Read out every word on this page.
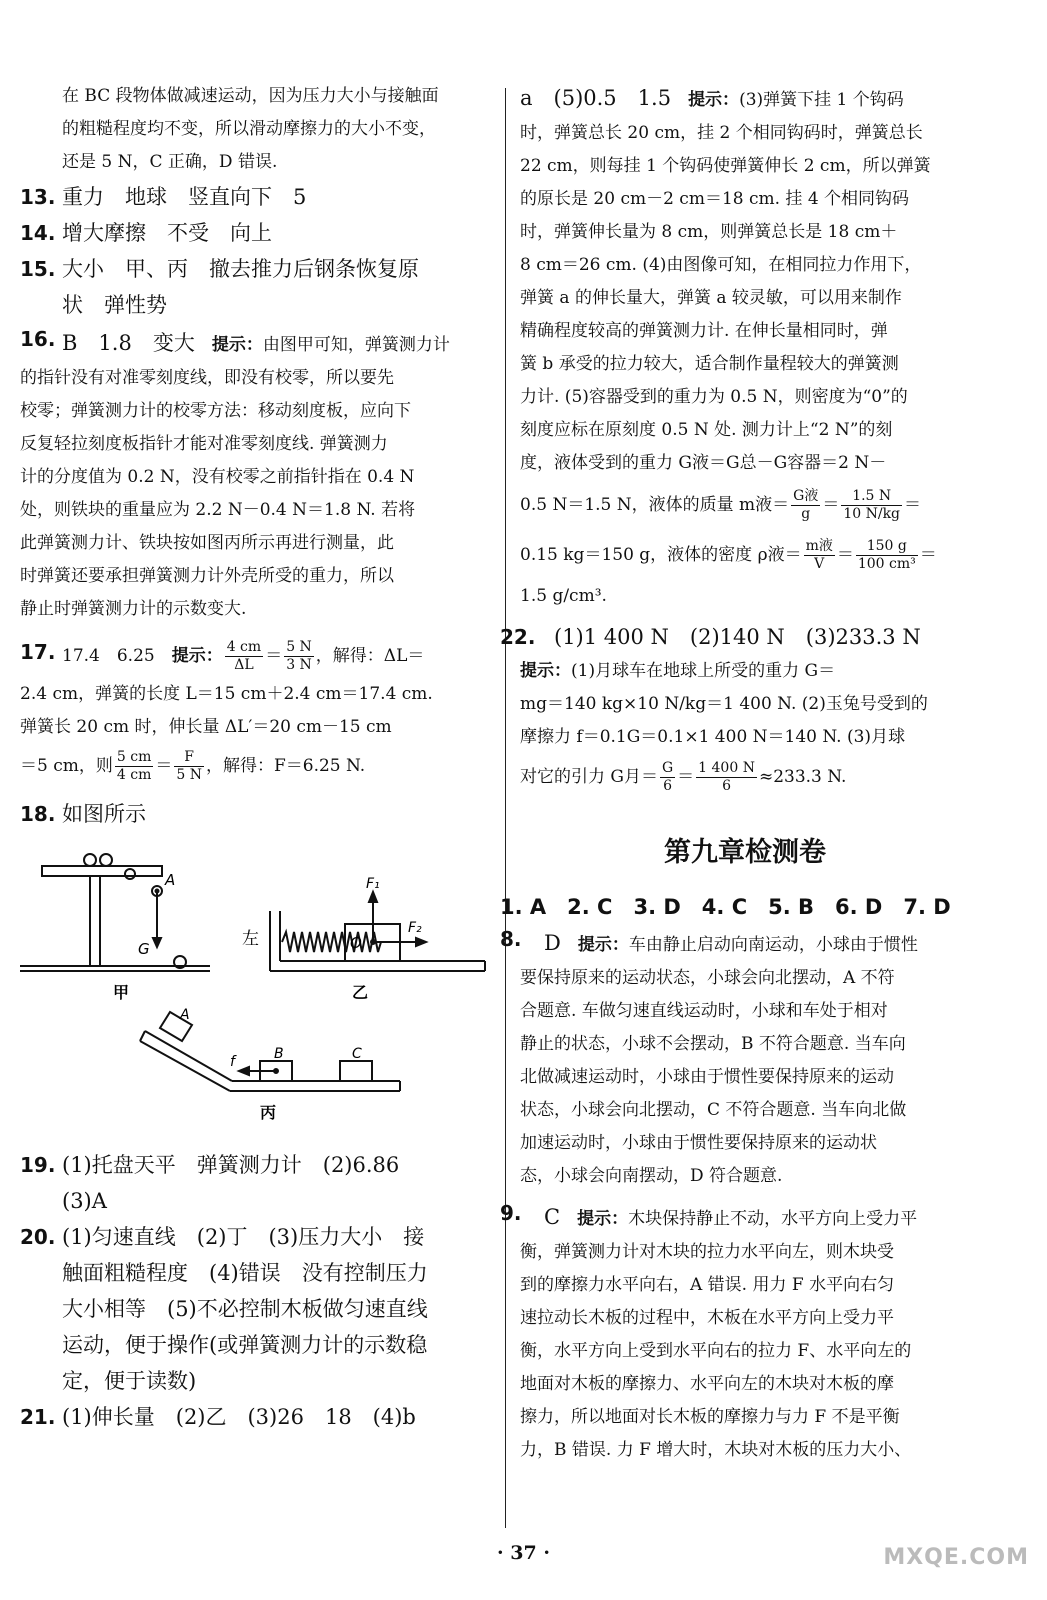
在 BC 段物体做减速运动，因为压力大小与接触面

的粗糙程度均不变，所以滑动摩擦力的大小不变，

还是 5 N，C 正确，D 错误.

13. 重力　地球　竖直向下　5
14. 增大摩擦　不受　向上
15. 大小　甲、丙　撤去推力后钢条恢复原

状　弹性势

16. B　1.8　变大　 提示：由图甲可知，弹簧测力计

的指针没有对准零刻度线，即没有校零，所以要先

校零；弹簧测力计的校零方法：移动刻度板，应向下

反复轻拉刻度板指针才能对准零刻度线. 弹簧测力

计的分度值为 0.2 N，没有校零之前指针指在 0.4 N

处，则铁块的重量应为 2.2 N－0.4 N＝1.8 N. 若将

此弹簧测力计、铁块按如图丙所示再进行测量，此

时弹簧还要承担弹簧测力计外壳所受的重力，所以

静止时弹簧测力计的示数变大.

17. 17.4　6.25　 提示： $\frac{4 cm}{\Delta L} = \frac{5 N}{3 N}$ ，解得：ΔL＝

2.4 cm，弹簧的长度 L＝15 cm＋2.4 cm＝17.4 cm.

弹簧长 20 cm 时，伸长量 ΔL′＝20 cm－15 cm

＝5 cm，则 $\frac{5 cm}{4 cm} = \frac{F}{5 N}$ ，解得：F＝6.25 N.

18. 如图所示
A
G
甲
左	O
F₁
F₂
乙
A
B	C
f
丙
19. (1)托盘天平　弹簧测力计　(2)6.86

(3)A

20. (1)匀速直线　(2)丁　(3)压力大小　接

触面粗糙程度　(4)错误　没有控制压力

大小相等　(5)不必控制木板做匀速直线

运动，便于操作(或弹簧测力计的示数稳

定，便于读数)

21. (1)伸长量　(2)乙　(3)26　18　(4)b

a　(5)0.5　1.5　 提示：(3)弹簧下挂 1 个钩码

时，弹簧总长 20 cm，挂 2 个相同钩码时，弹簧总长

22 cm，则每挂 1 个钩码使弹簧伸长 2 cm，所以弹簧

的原长是 20 cm－2 cm＝18 cm. 挂 4 个相同钩码

时，弹簧伸长量为 8 cm，则弹簧总长是 18 cm＋

8 cm＝26 cm. (4)由图像可知，在相同拉力作用下，

弹簧 a 的伸长量大，弹簧 a 较灵敏，可以用来制作

精确程度较高的弹簧测力计. 在伸长量相同时，弹

簧 b 承受的拉力较大，适合制作量程较大的弹簧测

力计. (5)容器受到的重力为 0.5 N，则密度为“0”的

刻度应标在原刻度 0.5 N 处. 测力计上“2 N”的刻

度，液体受到的重力 G液＝G总－G容器＝2 N－

0.5 N＝1.5 N，液体的质量 m液＝ $\frac{\text{G液}}{g} = \frac{1.5 N}{10 N/kg}$ ＝

0.15 kg＝150 g，液体的密度 ρ液＝ $\frac{\text{m液}}{V} = \frac{150 g}{\text{100 cm³}}$ ＝

1.5 g/cm³.

22. (1)1 400 N　(2)140 N　(3)233.3 N

提示：(1)月球车在地球上所受的重力 G＝

mg＝140 kg×10 N/kg＝1 400 N. (2)玉兔号受到的

摩擦力 f＝0.1G＝0.1×1 400 N＝140 N. (3)月球

对它的引力 G月＝ $\frac{G}{6} = \frac{1 400 N}{6} \approx 233.3$ N.

第九章检测卷

1. A　2. C　3. D　4. C　5. B　6. D　7. D

8. D　 提示：车由静止启动向南运动，小球由于惯性

要保持原来的运动状态，小球会向北摆动，A 不符

合题意. 车做匀速直线运动时，小球和车处于相对

静止的状态，小球不会摆动，B 不符合题意. 当车向

北做减速运动时，小球由于惯性要保持原来的运动

状态，小球会向北摆动，C 不符合题意. 当车向北做

加速运动时，小球由于惯性要保持原来的运动状

态，小球会向南摆动，D 符合题意.

9. C　 提示：木块保持静止不动，水平方向上受力平

衡，弹簧测力计对木块的拉力水平向左，则木块受

到的摩擦力水平向右，A 错误. 用力 F 水平向右匀

速拉动长木板的过程中，木板在水平方向上受力平

衡，水平方向上受到水平向右的拉力 F、水平向左的

地面对木板的摩擦力、水平向左的木块对木板的摩

擦力，所以地面对长木板的摩擦力与力 F 不是平衡

力，B 错误. 力 F 增大时，木块对木板的压力大小、

· 37 ·	MXQE.COM
